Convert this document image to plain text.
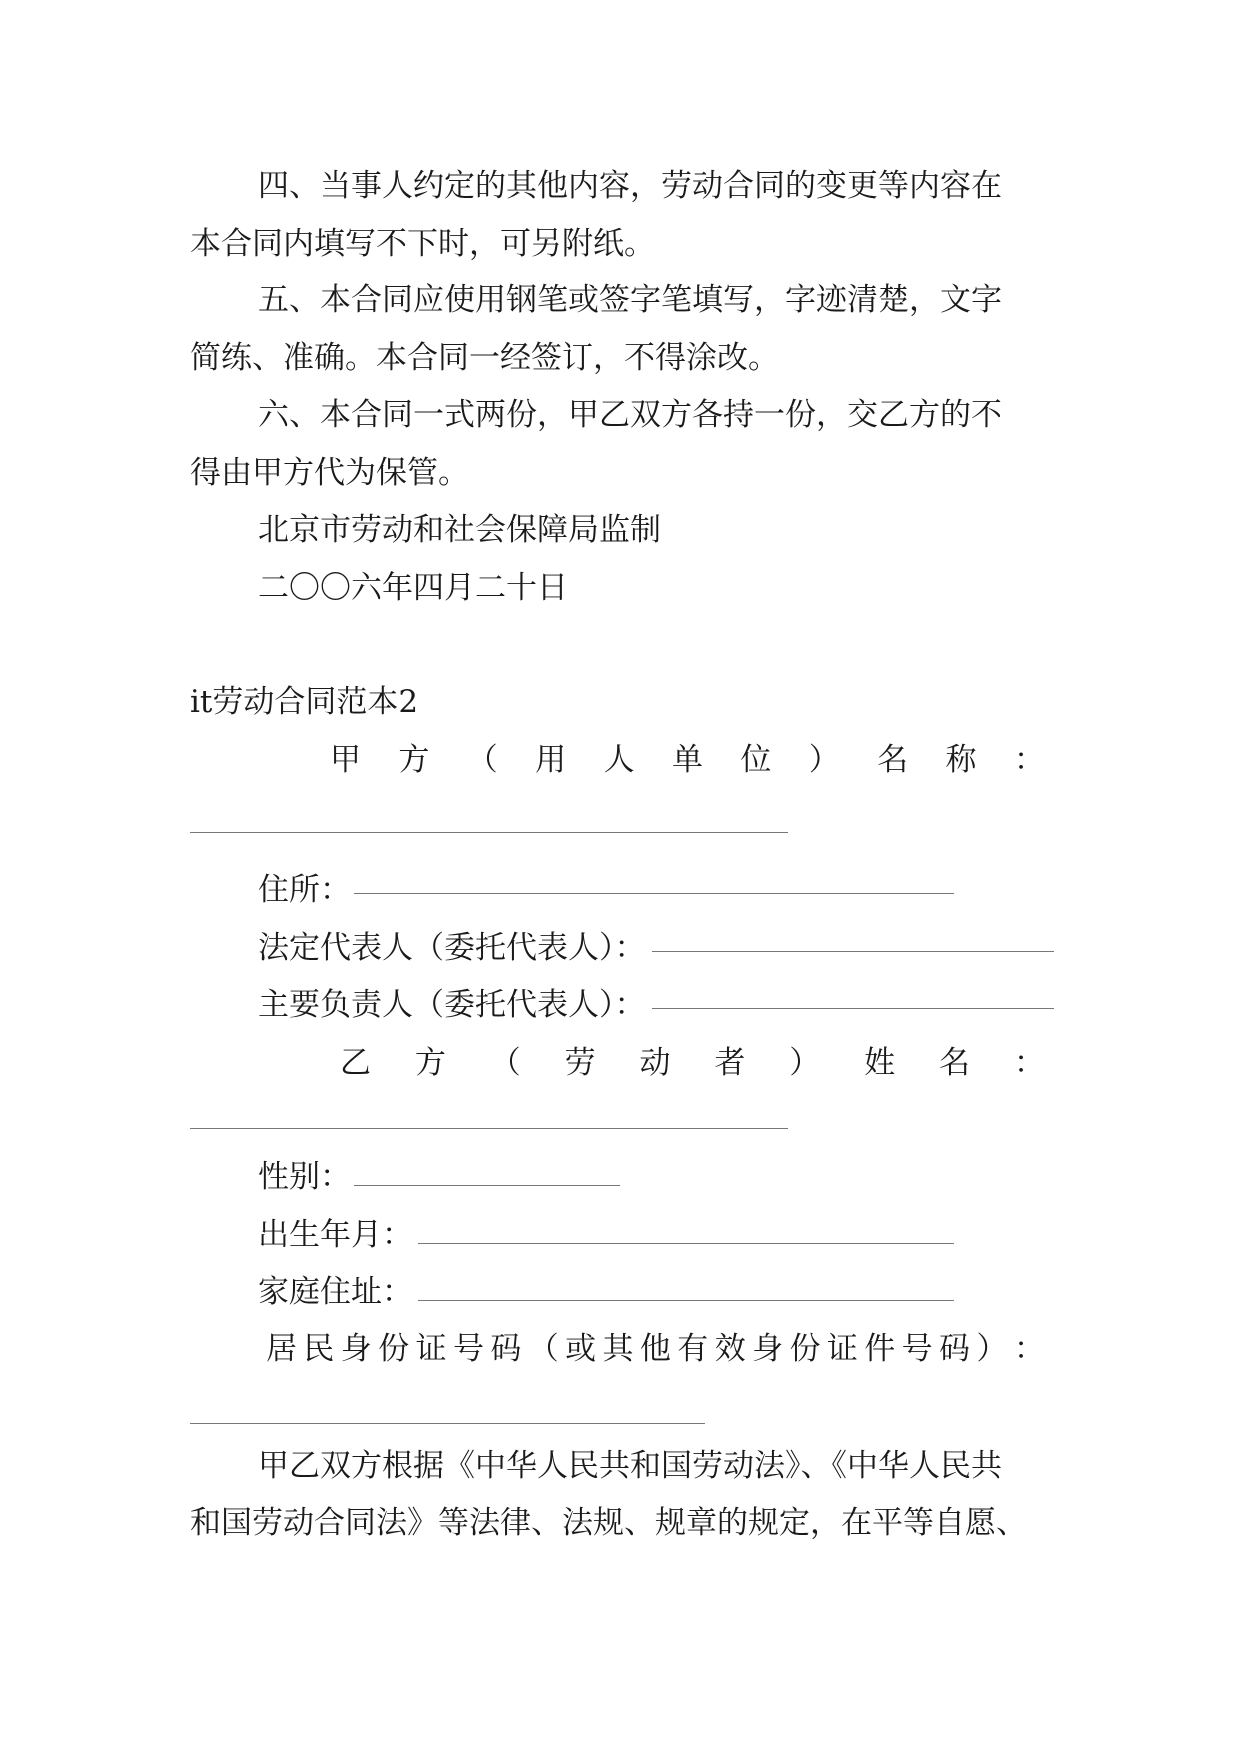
四、当事人约定的其他内容，劳动合同的变更等内容在
本合同内填写不下时，可另附纸。
五、本合同应使用钢笔或签字笔填写，字迹清楚，文字
简练、准确。本合同一经签订，不得涂改。
六、本合同一式两份，甲乙双方各持一份，交乙方的不
得由甲方代为保管。
北京市劳动和社会保障局监制
二〇〇六年四月二十日
it劳动合同范本2
甲 方 （ 用 人 单 位 ） 名 称 ：
住所：
法定代表人（委托代表人）：
主要负责人（委托代表人）：
乙 方 （ 劳 动 者 ） 姓 名 ：
性别：
出生年月：
家庭住址：
居 民 身 份 证 号 码 （ 或 其 他 有 效 身 份 证 件 号 码 ） ：
甲乙双方根据《中华人民共和国劳动法》、《中华人民共
和国劳动合同法》等法律、法规、规章的规定，在平等自愿、
